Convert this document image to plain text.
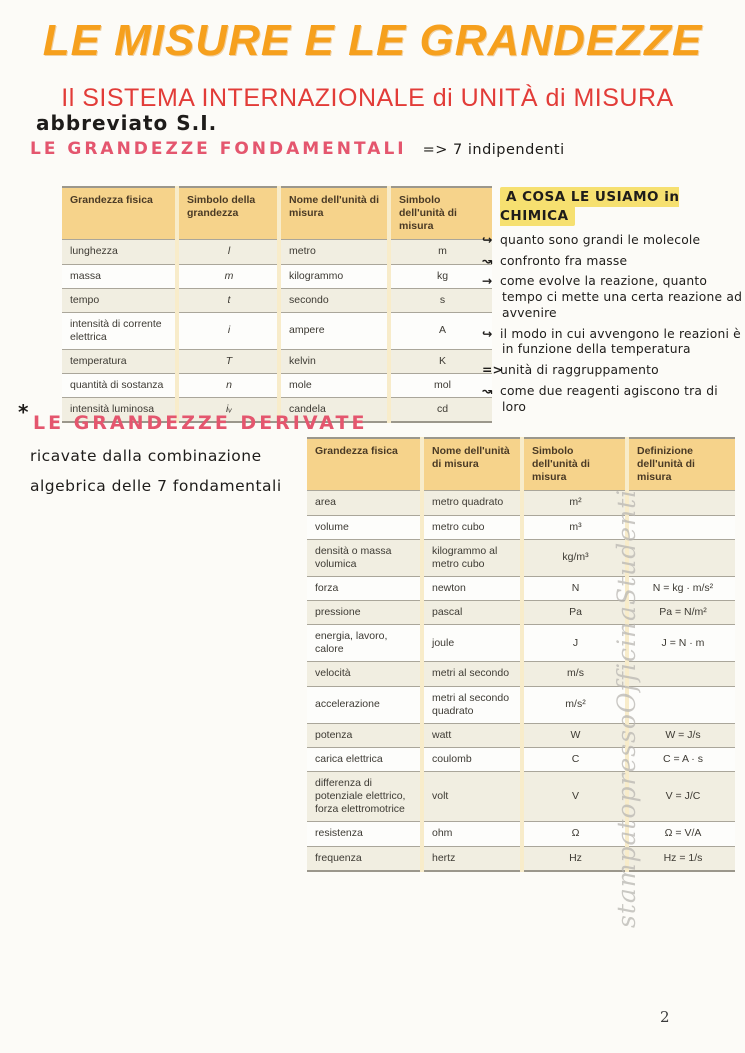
LE MISURE E LE GRANDEZZE
Il SISTEMA INTERNAZIONALE di UNITÀ di MISURA
abbreviato S.I.
LE GRANDEZZE FONDAMENTALI => 7 indipendenti
Grandezza fisica	Simbolo della grandezza	Nome dell'unità di misura	Simbolo dell'unità di misura
lunghezza	l	metro	m
massa	m	kilogrammo	kg
tempo	t	secondo	s
intensità di corrente elettrica	i	ampere	A
temperatura	T	kelvin	K
quantità di sostanza	n	mole	mol
intensità luminosa	iᵥ	candela	cd
A COSA LE USIAMO in CHIMICA
↪ quanto sono grandi le molecole
↝ confronto fra masse
→ come evolve la reazione, quanto tempo ci mette una certa reazione ad avvenire
↪ il modo in cui avvengono le reazioni è in funzione della temperatura
=>unità di raggruppamento
↝ come due reagenti agiscono tra di loro
* LE GRANDEZZE DERIVATE
ricavate dalla combinazione
algebrica delle 7 fondamentali
Grandezza fisica	Nome dell'unità di misura	Simbolo dell'unità di misura	Definizione dell'unità di misura
area	metro quadrato	m²	
volume	metro cubo	m³	
densità o massa volumica	kilogrammo al metro cubo	kg/m³	
forza	newton	N	N = kg · m/s²
pressione	pascal	Pa	Pa = N/m²
energia, lavoro, calore	joule	J	J = N · m
velocità	metri al secondo	m/s	
accelerazione	metri al secondo quadrato	m/s²	
potenza	watt	W	W = J/s
carica elettrica	coulomb	C	C = A · s
differenza di potenziale elettrico, forza elettromotrice	volt	V	V = J/C
resistenza	ohm	Ω	Ω = V/A
frequenza	hertz	Hz	Hz = 1/s
stampatopressoOfficinaStudenti
2
